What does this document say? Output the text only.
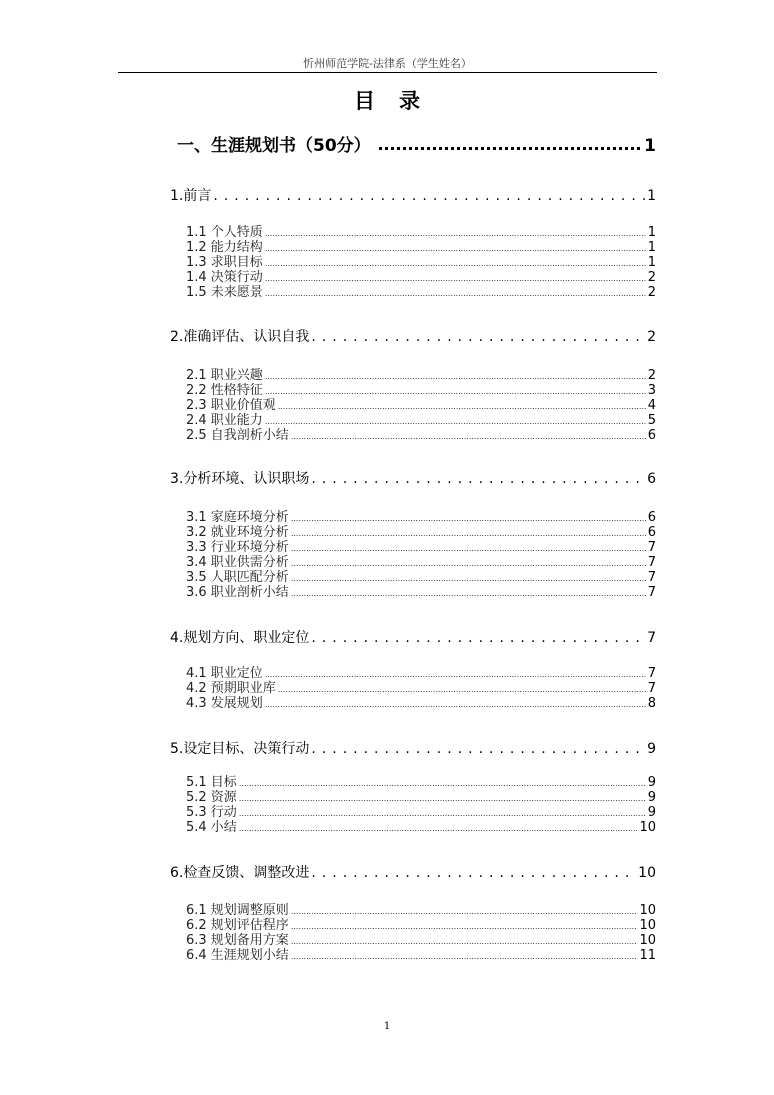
忻州师范学院-法律系（学生姓名）
目录
一、生涯规划书（50分）	1
1.前言 .....	1
1.1 个人特质 .....	1
1.2 能力结构 .....	1
1.3 求职目标 .....	1
1.4 决策行动 .....	2
1.5 未来愿景 .....	2
2.准确评估、认识自我 .....	2
2.1 职业兴趣 .....	2
2.2 性格特征 .....	3
2.3 职业价值观 .....	4
2.4 职业能力 .....	5
2.5 自我剖析小结 .....	6
3.分析环境、认识职场 .....	6
3.1 家庭环境分析 .....	6
3.2 就业环境分析 .....	6
3.3 行业环境分析 .....	7
3.4 职业供需分析 .....	7
3.5 人职匹配分析 .....	7
3.6 职业剖析小结 .....	7
4.规划方向、职业定位 .....	7
4.1 职业定位 .....	7
4.2 预期职业库 .....	7
4.3 发展规划 .....	8
5.设定目标、决策行动 .....	9
5.1 目标 .....	9
5.2 资源 .....	9
5.3 行动 .....	9
5.4 小结 .....	10
6.检查反馈、调整改进 .....	10
6.1 规划调整原则 .....	10
6.2 规划评估程序 .....	10
6.3 规划备用方案 .....	10
6.4 生涯规划小结 .....	11
1
